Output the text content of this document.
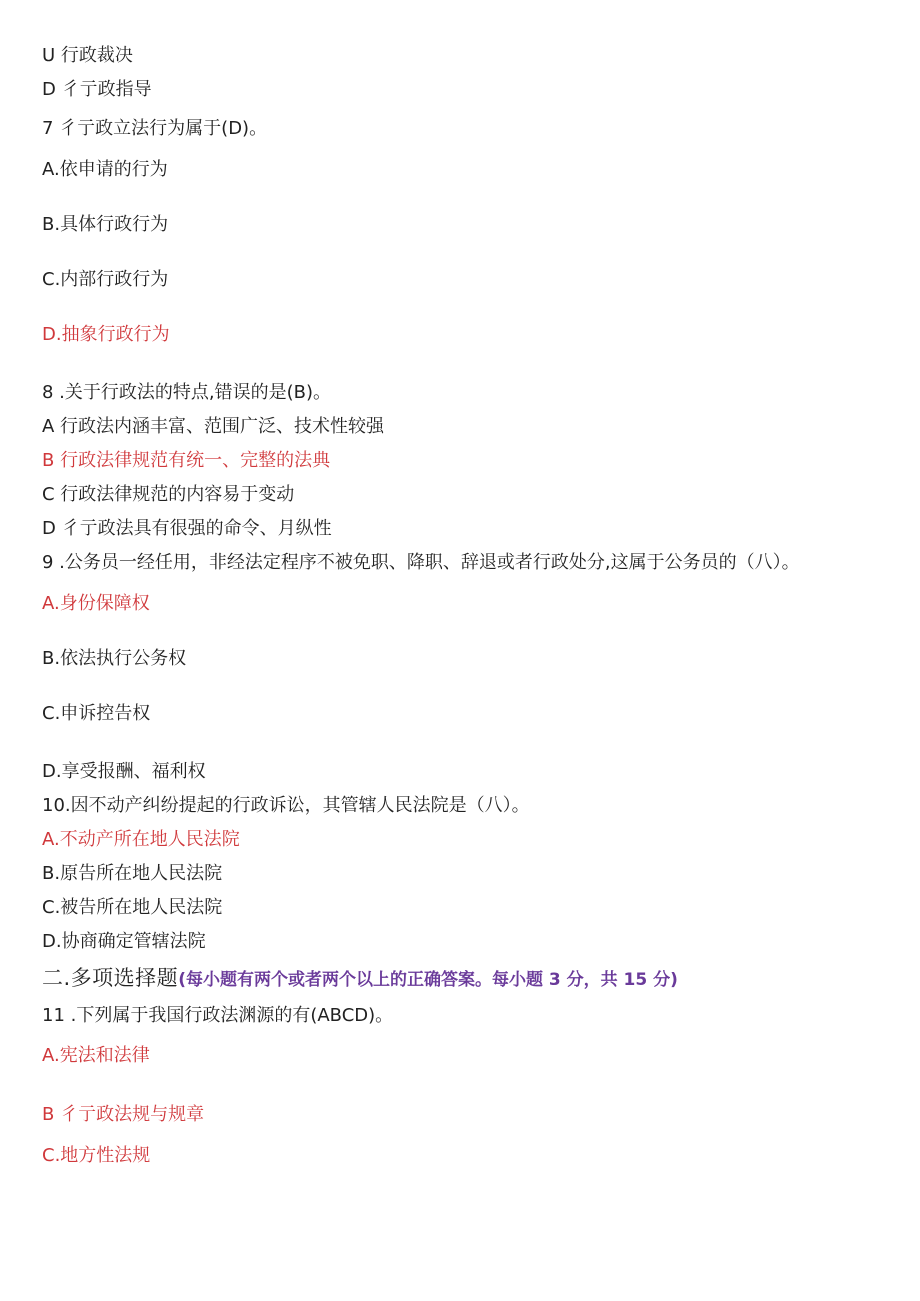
U 行政裁决
D 彳亍政指导
7 彳亍政立法行为属于(D)。
A.依申请的行为
B.具体行政行为
C.内部行政行为
D.抽象行政行为
8 .关于行政法的特点,错误的是(B)。
A 行政法内涵丰富、范围广泛、技术性较强
B 行政法律规范有统一、完整的法典
C 行政法律规范的内容易于变动
D 彳亍政法具有很强的命令、月纵性
9 .公务员一经任用，非经法定程序不被免职、降职、辞退或者行政处分,这属于公务员的（八）。
A.身份保障权
B.依法执行公务权
C.申诉控告权
D.享受报酬、福利权
10.因不动产纠纷提起的行政诉讼，其管辖人民法院是（八）。
A.不动产所在地人民法院
B.原告所在地人民法院
C.被告所在地人民法院
D.协商确定管辖法院
二.多项选择题(每小题有两个或者两个以上的正确答案。每小题 3 分，共 15 分)
11 .下列属于我国行政法渊源的有(ABCD)。
A.宪法和法律
B 彳亍政法规与规章
C.地方性法规
